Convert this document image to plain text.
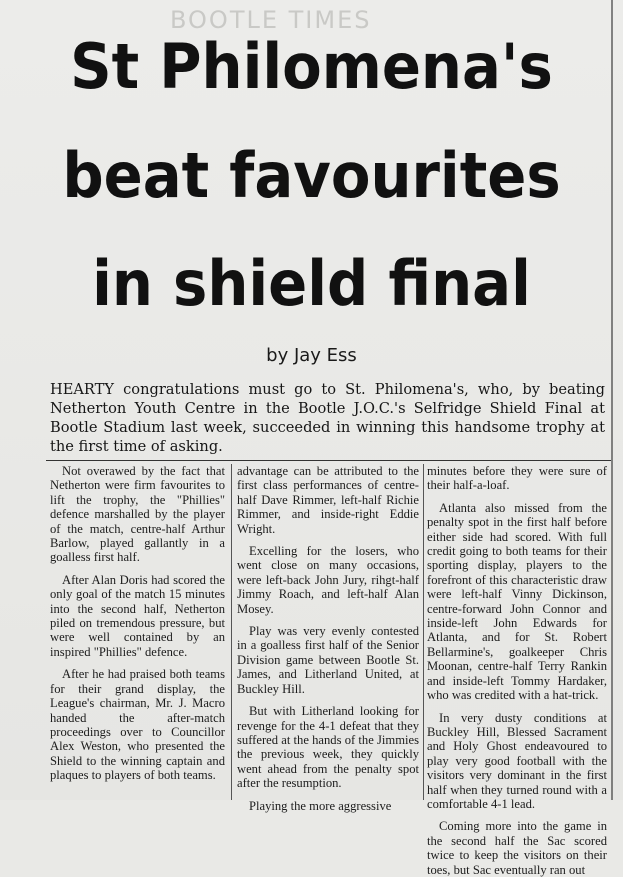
BOOTLE TIMES
St Philomena's
beat favourites
in shield final
by Jay Ess

HEARTY congratulations must go to St. Philomena's, who, by beating Netherton Youth Centre in the Bootle J.O.C.'s Selfridge Shield Final at Bootle Stadium last week, succeeded in winning this handsome trophy at the first time of asking.

Not overawed by the fact that Netherton were firm favourites to lift the trophy, the "Phillies" defence marshalled by the player of the match, centre-half Arthur Barlow, played gallantly in a goalless first half.

After Alan Doris had scored the only goal of the match 15 minutes into the second half, Netherton piled on tremendous pressure, but were well contained by an inspired "Phillies" defence.

After he had praised both teams for their grand display, the League's chairman, Mr. J. Macro handed the after-match proceedings over to Councillor Alex Weston, who presented the Shield to the winning captain and plaques to players of both teams.

advantage can be attributed to the first class performances of centre-half Dave Rimmer, left-half Richie Rimmer, and inside-right Eddie Wright.

Excelling for the losers, who went close on many occasions, were left-back John Jury, rihgt-half Jimmy Roach, and left-half Alan Mosey.

Play was very evenly contested in a goalless first half of the Senior Division game between Bootle St. James, and Litherland United, at Buckley Hill.

But with Litherland looking for revenge for the 4-1 defeat that they suffered at the hands of the Jimmies the previous week, they quickly went ahead from the penalty spot after the resumption.

Playing the more aggressive

minutes before they were sure of their half-a-loaf.

Atlanta also missed from the penalty spot in the first half before either side had scored. With full credit going to both teams for their sporting display, players to the forefront of this characteristic draw were left-half Vinny Dickinson, centre-forward John Connor and inside-left John Edwards for Atlanta, and for St. Robert Bellarmine's, goalkeeper Chris Moonan, centre-half Terry Rankin and inside-left Tommy Hardaker, who was credited with a hat-trick.

In very dusty conditions at Buckley Hill, Blessed Sacrament and Holy Ghost endeavoured to play very good football with the visitors very dominant in the first half when they turned round with a comfortable 4-1 lead.

Coming more into the game in the second half the Sac scored twice to keep the visitors on their toes, but Sac eventually ran out
